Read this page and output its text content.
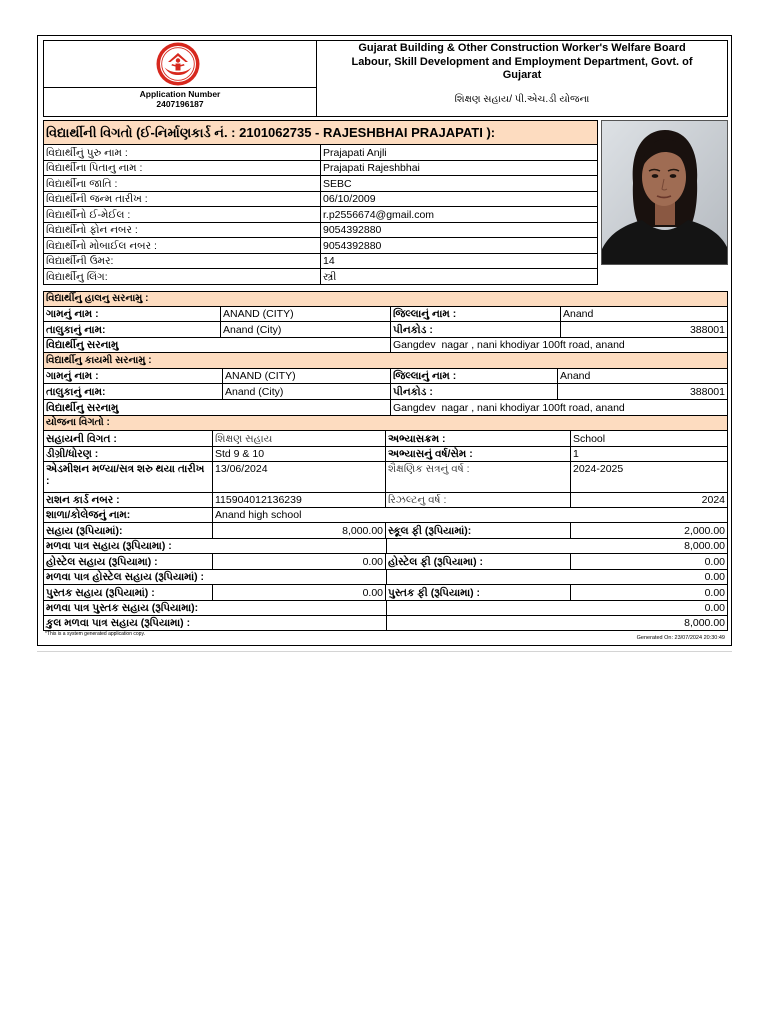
Application Number
2407196187
Gujarat Building & Other Construction Worker's Welfare Board
Labour, Skill Development and Employment Department, Govt. of
Gujarat
શિક્ષણ સહાય/ પી.એચ.ડી યોજના
વિદ્યાર્થીની વિગતો (ઈ-નિર્માણકાર્ડ નં. : 2101062735 - RAJESHBHAI PRAJAPATI ):
વિદ્યાર્થીનું પુરુ નામ :	Prajapati Anjli
વિદ્યાર્થીના પિતાનુ નામ :	Prajapati Rajeshbhai
વિદ્યાર્થીના જાતિ :	SEBC
વિદ્યાર્થીની જન્મ તારીખ :	06/10/2009
વિદ્યાર્થીનો ઈ-મેઈલ :	r.p2556674@gmail.com
વિદ્યાર્થીનો ફોન નબર :	9054392880
વિદ્યાર્થીનો મોબાઈલ નબર :	9054392880
વિદ્યાર્થીની ઉંમર:	14
વિદ્યાર્થીનુ લિંગ:	સ્ત્રી
વિદ્યાર્થીનુ હાલનુ સરનામુ :
ગામનું નામ :	ANAND (CITY)	જિલ્લાનું નામ :	Anand
તાલુકાનું નામ:	Anand (City)	પીનકોડ :	388001
વિદ્યાર્થીનુ સરનામુ	Gangdev  nagar , nani khodiyar 100ft road, anand
વિદ્યાર્થીનુ કાયમી સરનામુ :
ગામનું નામ :	ANAND (CITY)	જિલ્લાનું નામ :	Anand
તાલુકાનું નામ:	Anand (City)	પીનકોડ :	388001
વિદ્યાર્થીનુ સરનામુ	Gangdev  nagar , nani khodiyar 100ft road, anand
યોજના વિગતો :
સહાયની વિગત :	શિક્ષણ સહાય	અભ્યાસક્રમ :	School
ડીગ્રી/ધોરણ :	Std 9 & 10	અભ્યાસનું વર્ષ/સેમ :	1
એડમીશન મળ્યા/સત્ર શરુ થયા તારીખ :
13/06/2024	શૈક્ષણિક સત્રનું વર્ષ :	2024-2025
રાશન કાર્ડ નબર :	115904012136239	રિઝલ્ટનુ વર્ષ :	2024
શાળા/કોલેજનું નામ:	Anand high school
સહાય (રૂપિયામાં):	8,000.00 સ્કૂલ ફી (રૂપિયામાં):	2,000.00
મળવા પાત્ર સહાય (રૂપિયામા) :	8,000.00
હોસ્ટેલ સહાય (રૂપિયામા) :	0.00 હોસ્ટેલ ફી (રૂપિયામા) :	0.00
મળવા પાત્ર હોસ્ટેલ સહાય (રૂપિયામાં) :	0.00
પુસ્તક સહાય (રૂપિયામાં) :	0.00 પુસ્તક ફી (રૂપિયામા) :	0.00
મળવા પાત્ર પુસ્તક સહાય (રૂપિયામા):	0.00
કુલ મળવા પાત્ર સહાય (રૂપિયામા) :	8,000.00
*This is a system generated application copy.
Generated On: 23/07/2024 20:30:49
